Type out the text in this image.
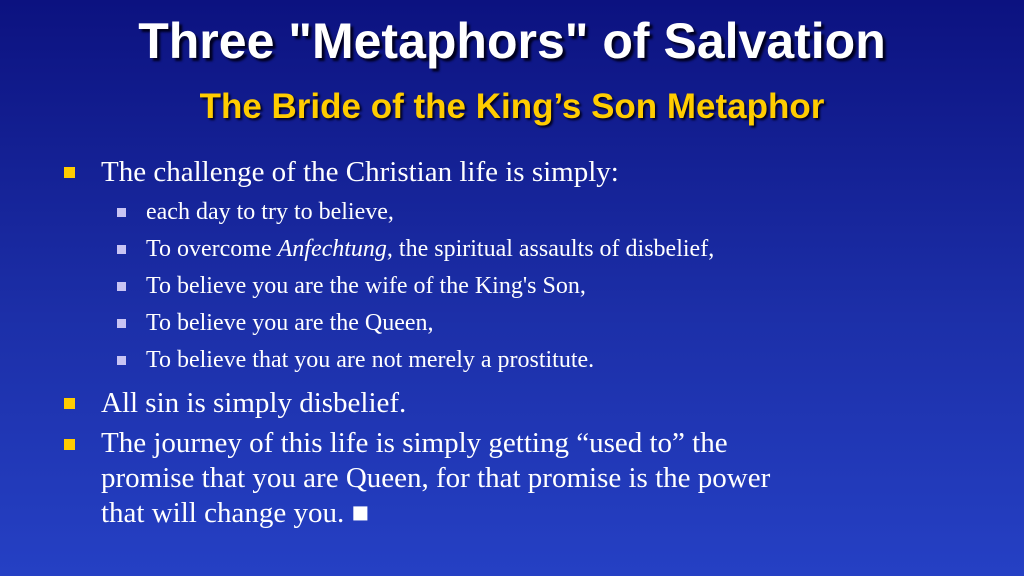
Three "Metaphors" of Salvation
The Bride of the King’s Son Metaphor
The challenge of the Christian life is simply:
each day to try to believe,
To overcome Anfechtung, the spiritual assaults of disbelief,
To believe you are the wife of the King's Son,
To believe you are the Queen,
To believe that you are not merely a prostitute.
All sin is simply disbelief.
The journey of this life is simply getting “used to” the
promise that you are Queen, for that promise is the power
that will change you. ■
